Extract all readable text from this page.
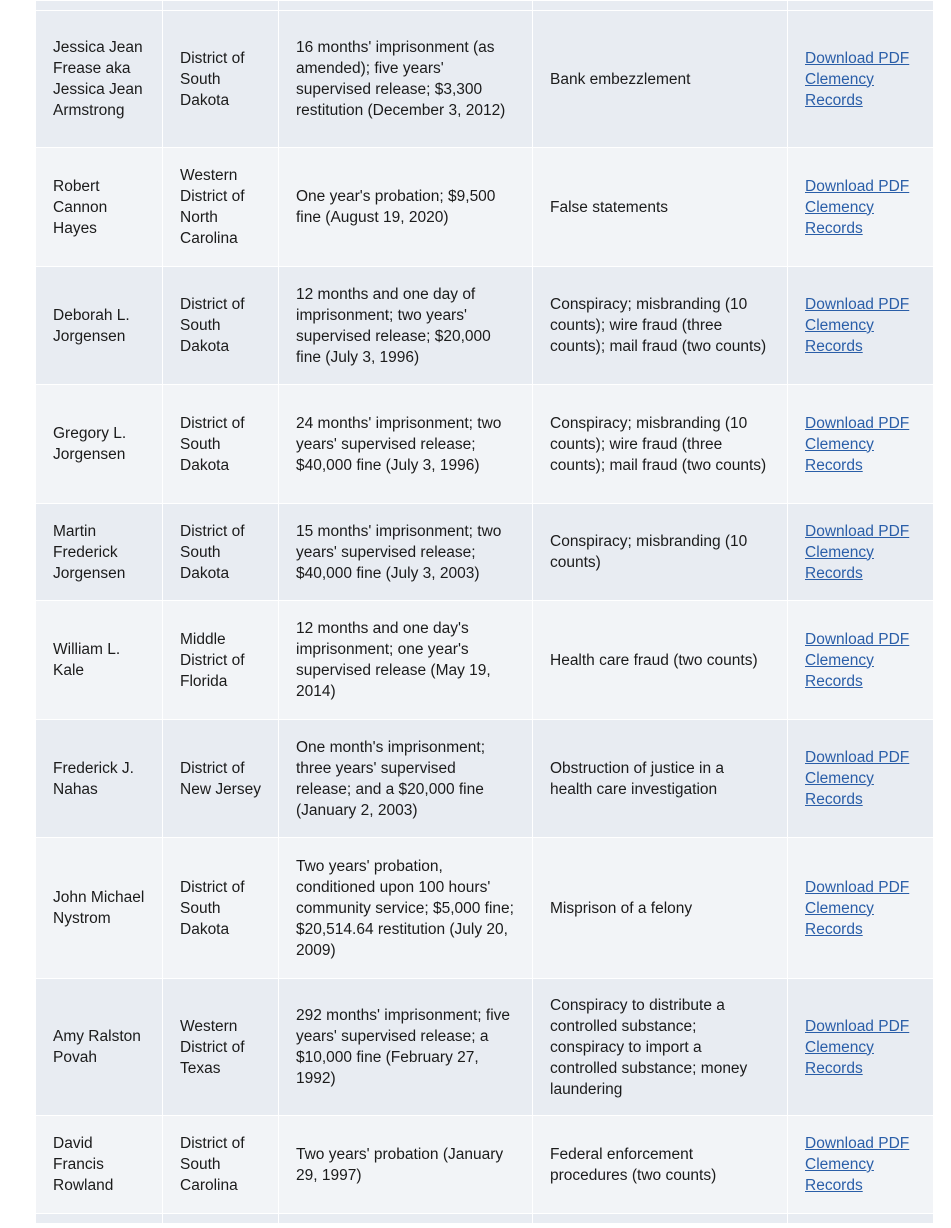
Jessica Jean Frease aka Jessica Jean Armstrong	District of South Dakota	16 months' imprisonment (as amended); five years' supervised release; $3,300 restitution (December 3, 2012)	Bank embezzlement	Download PDF Clemency Records
Robert Cannon Hayes	Western District of North Carolina	One year's probation; $9,500 fine (August 19, 2020)	False statements	Download PDF Clemency Records
Deborah L. Jorgensen	District of South Dakota	12 months and one day of imprisonment; two years' supervised release; $20,000 fine (July 3, 1996)	Conspiracy; misbranding (10 counts); wire fraud (three counts); mail fraud (two counts)	Download PDF Clemency Records
Gregory L. Jorgensen	District of South Dakota	24 months' imprisonment; two years' supervised release; $40,000 fine (July 3, 1996)	Conspiracy; misbranding (10 counts); wire fraud (three counts); mail fraud (two counts)	Download PDF Clemency Records
Martin Frederick Jorgensen	District of South Dakota	15 months' imprisonment; two years' supervised release; $40,000 fine (July 3, 2003)	Conspiracy; misbranding (10 counts)	Download PDF Clemency Records
William L. Kale	Middle District of Florida	12 months and one day's imprisonment; one year's supervised release (May 19, 2014)	Health care fraud (two counts)	Download PDF Clemency Records
Frederick J. Nahas	District of New Jersey	One month's imprisonment; three years' supervised release; and a $20,000 fine (January 2, 2003)	Obstruction of justice in a health care investigation	Download PDF Clemency Records
John Michael Nystrom	District of South Dakota	Two years' probation, conditioned upon 100 hours' community service; $5,000 fine; $20,514.64 restitution (July 20, 2009)	Misprison of a felony	Download PDF Clemency Records
Amy Ralston Povah	Western District of Texas	292 months' imprisonment; five years' supervised release; a $10,000 fine (February 27, 1992)	Conspiracy to distribute a controlled substance; conspiracy to import a controlled substance; money laundering	Download PDF Clemency Records
David Francis Rowland	District of South Carolina	Two years' probation (January 29, 1997)	Federal enforcement procedures (two counts)	Download PDF Clemency Records
